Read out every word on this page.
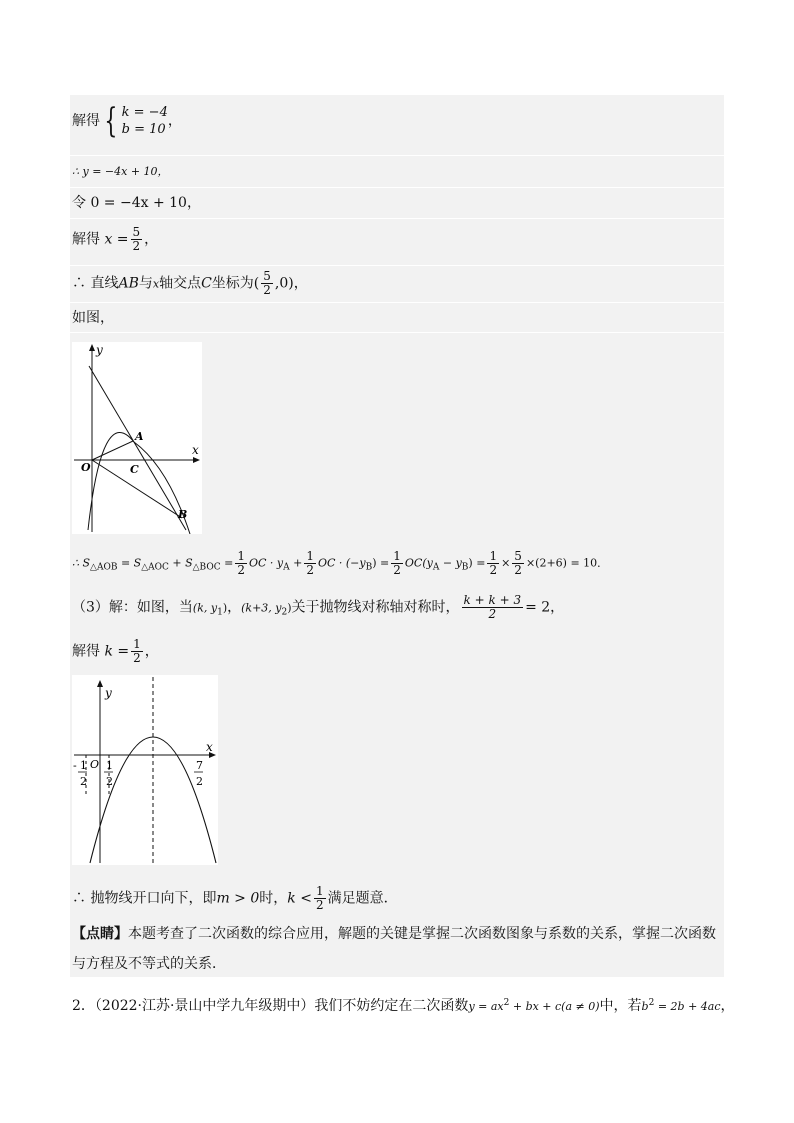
解得 { k = −4
b = 10
，
∴ y = −4x + 10，
令 0 = −4x + 10，
解得 $x = \frac{5}{2}$ ，
∴ 直线AB与x轴交点C坐标为( $\frac{5}{2} ,0$)，
如图，
y
x
O
A
C
B
∴ $S_{\triangle AOB} = S_{\triangle AOC} + S_{\triangle BOC} = \frac{1}{2}$ OC · $y_A + \frac{1}{2}$ OC · $(-y_B) = \frac{1}{2} OC(y_A - y_B) = \frac{1}{2} \times \frac{5}{2} \times(2+6) = 10$．
（3）解：如图，当(k, $y_1$)，(k+3, $y_2$)关于抛物线对称轴对称时， $\frac{k + k + 3}{2} = 2$，
解得 $k = \frac{1}{2}$ ，
y
x
O
- 1
2
1
2
7
2
∴ 抛物线开口向下，即m > 0时，$k < \frac{1}{2}$ 满足题意．
【点睛】本题考查了二次函数的综合应用，解题的关键是掌握二次函数图象与系数的关系，掌握二次函数
与方程及不等式的关系．
2．（2022·江苏·景山中学九年级期中）我们不妨约定在二次函数$y = ax^2$ + bx + c(a ≠ 0)中，若$b^2 = 2b + 4ac$，
